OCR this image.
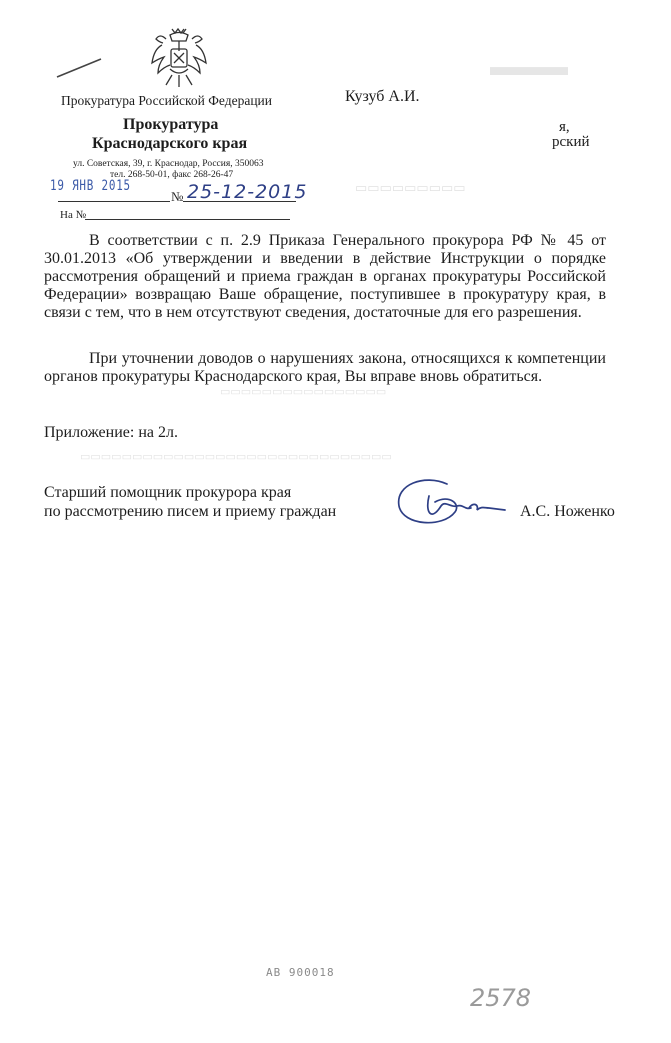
▬▬▬
▭▭▭▭▭▭▭▭▭
▭▭▭▭▭▭▭▭▭▭▭▭▭▭▭▭
▭▭▭▭▭▭▭▭▭▭▭▭▭▭▭▭▭▭▭▭▭▭▭▭▭▭▭▭▭▭
Прокуратура Российской Федерации	Кузуб А.И.
я,
рский
Прокуратура
Краснодарского края
ул. Советская, 39, г. Краснодар, Россия, 350063
тел. 268-50-01, факс 268-26-47
19 ЯНВ 2015
№ 25-12-2015
На №

В соответствии с п. 2.9 Приказа Генерального прокурора РФ № 45 от 30.01.2013 «Об утверждении и введении в действие Инструкции о порядке рассмотрения обращений и приема граждан в органах прокуратуры Российской Федерации» возвращаю Ваше обращение, поступившее в прокуратуру края, в связи с тем, что в нем отсутствуют сведения, достаточные для его разрешения.

При уточнении доводов о нарушениях закона, относящихся к компетенции органов прокуратуры Краснодарского края, Вы вправе вновь обратиться.

Приложение: на 2л.
Старший помощник прокурора края
по рассмотрению писем и приему граждан	А.С. Ноженко
АВ 900018
2578
